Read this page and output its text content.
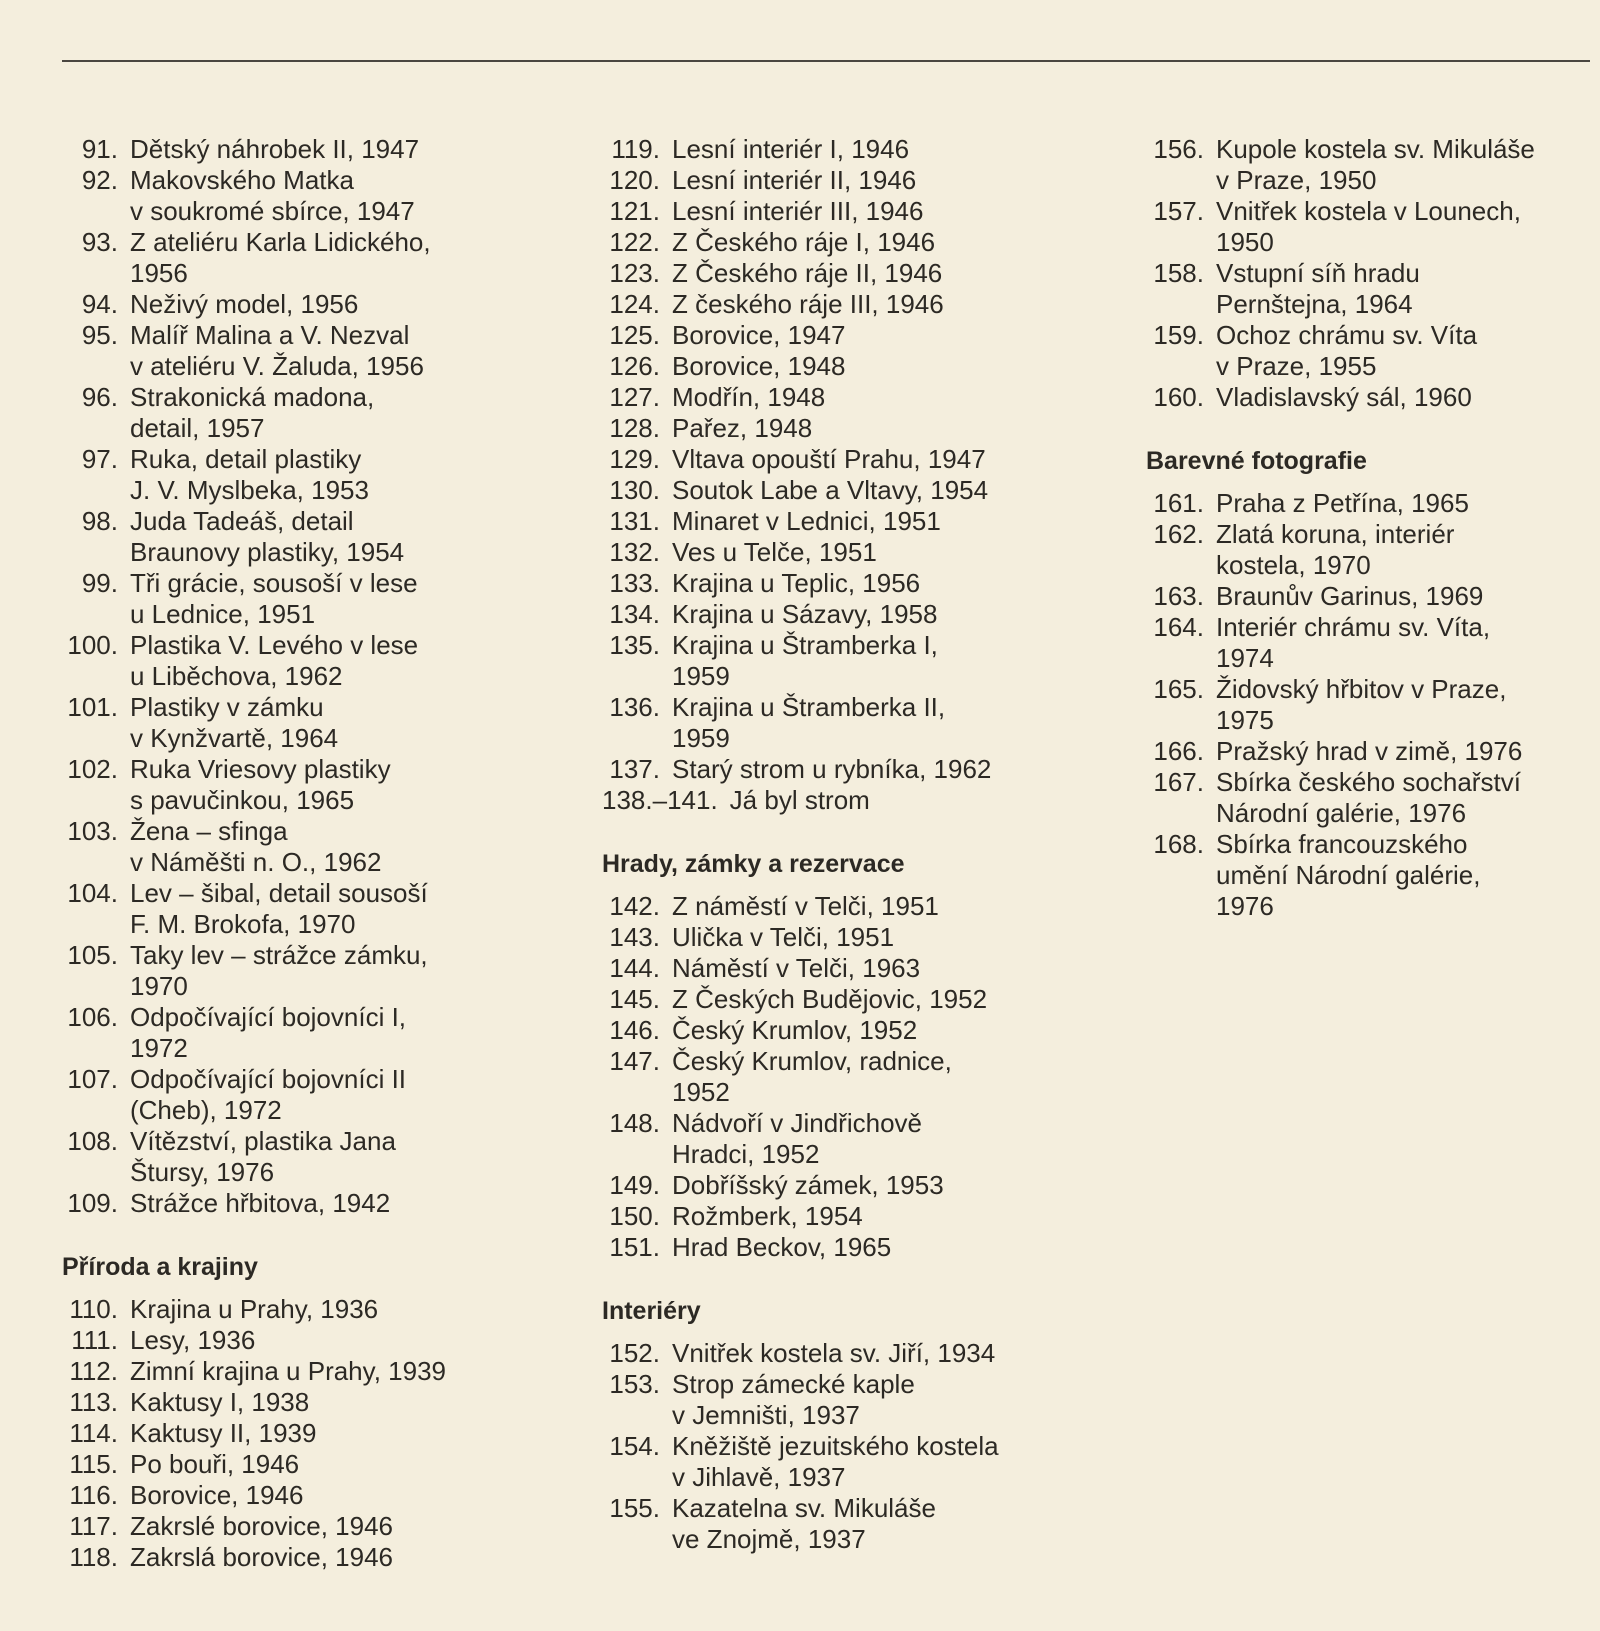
91. Dětský náhrobek II, 1947
92. Makovského Matka
v soukromé sbírce, 1947
93. Z ateliéru Karla Lidického,
1956
94. Neživý model, 1956
95. Malíř Malina a V. Nezval
v ateliéru V. Žaluda, 1956
96. Strakonická madona,
detail, 1957
97. Ruka, detail plastiky
J. V. Myslbeka, 1953
98. Juda Tadeáš, detail
Braunovy plastiky, 1954
99. Tři grácie, sousoší v lese
u Lednice, 1951
100. Plastika V. Levého v lese
u Liběchova, 1962
101. Plastiky v zámku
v Kynžvartě, 1964
102. Ruka Vriesovy plastiky
s pavučinkou, 1965
103. Žena – sfinga
v Náměšti n. O., 1962
104. Lev – šibal, detail sousoší
F. M. Brokofa, 1970
105. Taky lev – strážce zámku,
1970
106. Odpočívající bojovníci I,
1972
107. Odpočívající bojovníci II
(Cheb), 1972
108. Vítězství, plastika Jana
Štursy, 1976
109. Strážce hřbitova, 1942
Příroda a krajiny
110. Krajina u Prahy, 1936
111. Lesy, 1936
112. Zimní krajina u Prahy, 1939
113. Kaktusy I, 1938
114. Kaktusy II, 1939
115. Po bouři, 1946
116. Borovice, 1946
117. Zakrslé borovice, 1946
118. Zakrslá borovice, 1946
119. Lesní interiér I, 1946
120. Lesní interiér II, 1946
121. Lesní interiér III, 1946
122. Z Českého ráje I, 1946
123. Z Českého ráje II, 1946
124. Z českého ráje III, 1946
125. Borovice, 1947
126. Borovice, 1948
127. Modřín, 1948
128. Pařez, 1948
129. Vltava opouští Prahu, 1947
130. Soutok Labe a Vltavy, 1954
131. Minaret v Lednici, 1951
132. Ves u Telče, 1951
133. Krajina u Teplic, 1956
134. Krajina u Sázavy, 1958
135. Krajina u Štramberka I,
1959
136. Krajina u Štramberka II,
1959
137. Starý strom u rybníka, 1962
138.–141. Já byl strom
Hrady, zámky a rezervace
142. Z náměstí v Telči, 1951
143. Ulička v Telči, 1951
144. Náměstí v Telči, 1963
145. Z Českých Budějovic, 1952
146. Český Krumlov, 1952
147. Český Krumlov, radnice,
1952
148. Nádvoří v Jindřichově
Hradci, 1952
149. Dobříšský zámek, 1953
150. Rožmberk, 1954
151. Hrad Beckov, 1965
Interiéry
152. Vnitřek kostela sv. Jiří, 1934
153. Strop zámecké kaple
v Jemništi, 1937
154. Kněžiště jezuitského kostela
v Jihlavě, 1937
155. Kazatelna sv. Mikuláše
ve Znojmě, 1937
156. Kupole kostela sv. Mikuláše
v Praze, 1950
157. Vnitřek kostela v Lounech,
1950
158. Vstupní síň hradu
Pernštejna, 1964
159. Ochoz chrámu sv. Víta
v Praze, 1955
160. Vladislavský sál, 1960
Barevné fotografie
161. Praha z Petřína, 1965
162. Zlatá koruna, interiér
kostela, 1970
163. Braunův Garinus, 1969
164. Interiér chrámu sv. Víta,
1974
165. Židovský hřbitov v Praze,
1975
166. Pražský hrad v zimě, 1976
167. Sbírka českého sochařství
Národní galérie, 1976
168. Sbírka francouzského
umění Národní galérie,
1976
